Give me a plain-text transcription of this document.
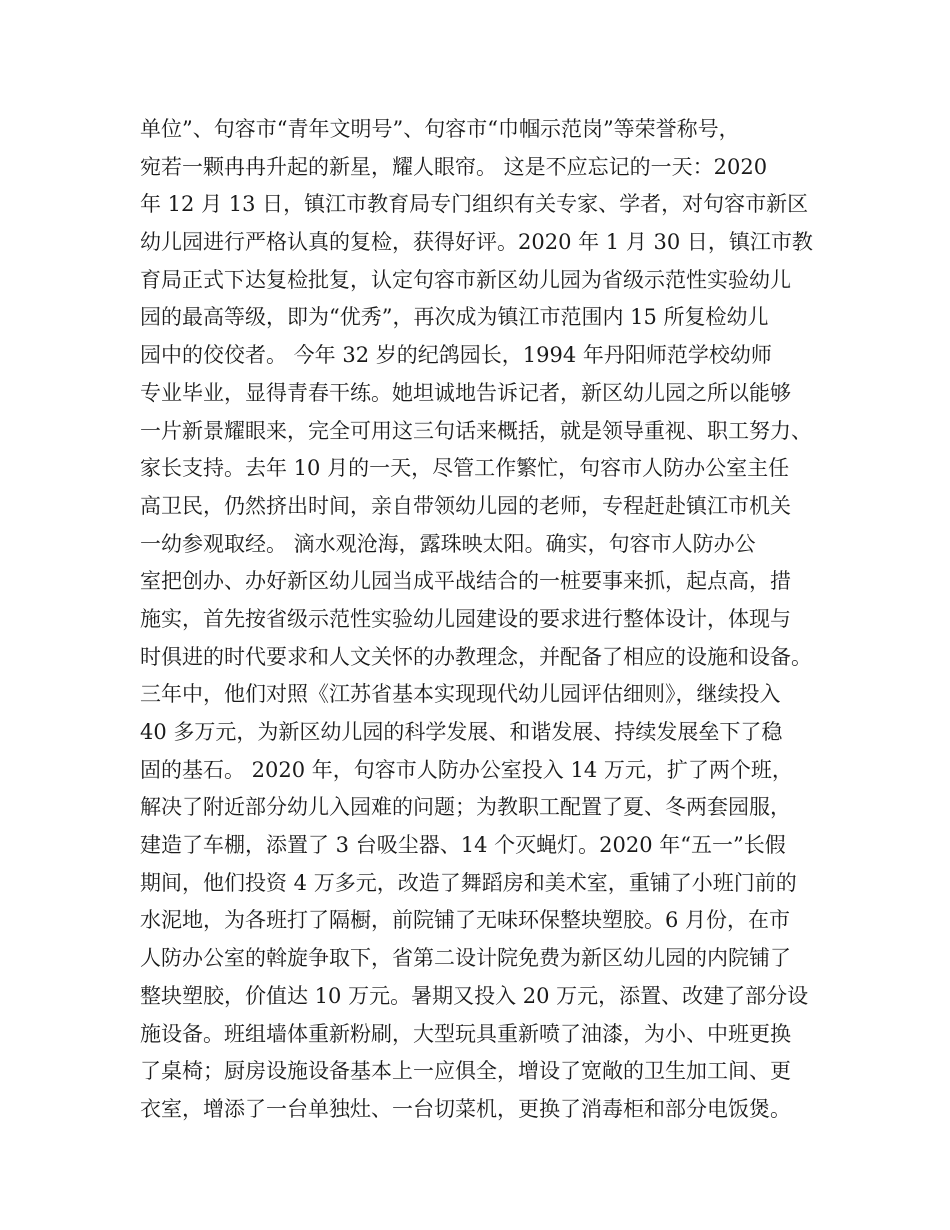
单位”、句容市“青年文明号”、句容市“巾帼示范岗”等荣誉称号，
宛若一颗冉冉升起的新星，耀人眼帘。 这是不应忘记的一天：2020
年 12 月 13 日，镇江市教育局专门组织有关专家、学者，对句容市新区
幼儿园进行严格认真的复检，获得好评。2020 年 1 月 30 日，镇江市教
育局正式下达复检批复，认定句容市新区幼儿园为省级示范性实验幼儿
园的最高等级，即为“优秀”，再次成为镇江市范围内 15 所复检幼儿
园中的佼佼者。 今年 32 岁的纪鸽园长，1994 年丹阳师范学校幼师
专业毕业，显得青春干练。她坦诚地告诉记者，新区幼儿园之所以能够
一片新景耀眼来，完全可用这三句话来概括，就是领导重视、职工努力、
家长支持。去年 10 月的一天，尽管工作繁忙，句容市人防办公室主任
高卫民，仍然挤出时间，亲自带领幼儿园的老师，专程赶赴镇江市机关
一幼参观取经。 滴水观沧海，露珠映太阳。确实，句容市人防办公
室把创办、办好新区幼儿园当成平战结合的一桩要事来抓，起点高，措
施实，首先按省级示范性实验幼儿园建设的要求进行整体设计，体现与
时俱进的时代要求和人文关怀的办教理念，并配备了相应的设施和设备。
三年中，他们对照《江苏省基本实现现代幼儿园评估细则》，继续投入
40 多万元，为新区幼儿园的科学发展、和谐发展、持续发展垒下了稳
固的基石。 2020 年，句容市人防办公室投入 14 万元，扩了两个班，
解决了附近部分幼儿入园难的问题；为教职工配置了夏、冬两套园服，
建造了车棚，添置了 3 台吸尘器、14 个灭蝇灯。2020 年“五一”长假
期间，他们投资 4 万多元，改造了舞蹈房和美术室，重铺了小班门前的
水泥地，为各班打了隔橱，前院铺了无味环保整块塑胶。6 月份，在市
人防办公室的斡旋争取下，省第二设计院免费为新区幼儿园的内院铺了
整块塑胶，价值达 10 万元。暑期又投入 20 万元，添置、改建了部分设
施设备。班组墙体重新粉刷，大型玩具重新喷了油漆，为小、中班更换
了桌椅；厨房设施设备基本上一应俱全，增设了宽敞的卫生加工间、更
衣室，增添了一台单独灶、一台切菜机，更换了消毒柜和部分电饭煲。
